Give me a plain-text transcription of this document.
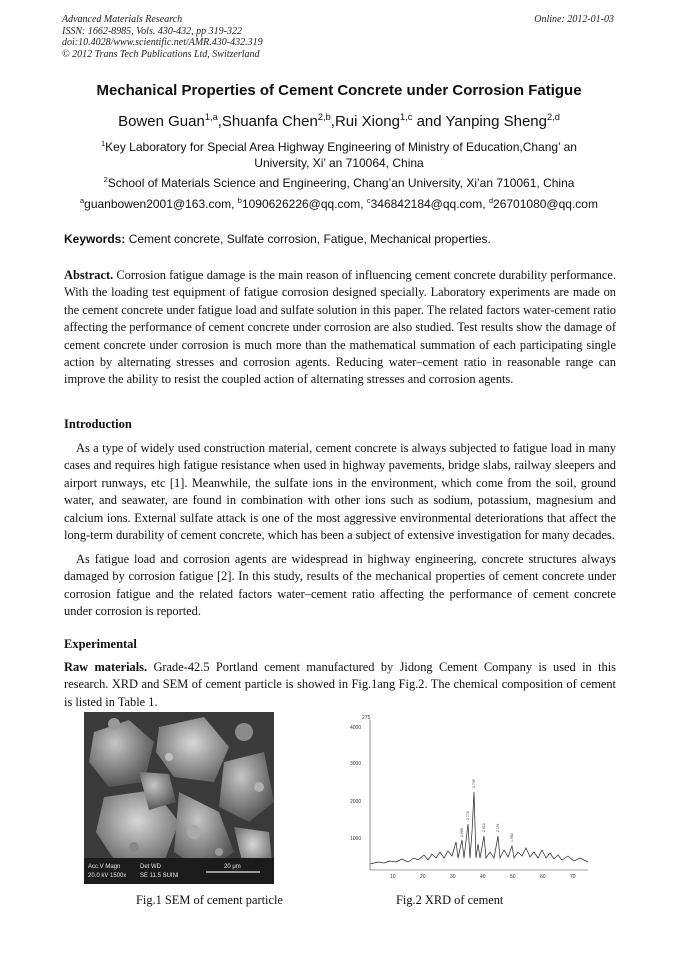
Advanced Materials Research
ISSN: 1662-8985, Vols. 430-432, pp 319-322
doi:10.4028/www.scientific.net/AMR.430-432.319
© 2012 Trans Tech Publications Ltd, Switzerland
Online: 2012-01-03
Mechanical Properties of Cement Concrete under Corrosion Fatigue
Bowen Guan$^{1,a}$,Shuanfa Chen$^{2,b}$,Rui Xiong$^{1,c}$ and Yanping Sheng$^{2,d}$
$^1$Key Laboratory for Special Area Highway Engineering of Ministry of Education,Chang’ an
University, Xi’ an 710064, China
$^2$School of Materials Science and Engineering, Chang’an University, Xi’an 710061, China
$^a$guanbowen2001@163.com, $^b$1090626226@qq.com, $^c$346842184@qq.com, $^d$26701080@qq.com
Keywords: Cement concrete, Sulfate corrosion, Fatigue, Mechanical properties.
Abstract. Corrosion fatigue damage is the main reason of influencing cement concrete durability performance. With the loading test equipment of fatigue corrosion designed specially. Laboratory experiments are made on the cement concrete under fatigue load and sulfate solution in this paper. The related factors water-cement ratio affecting the performance of cement concrete under corrosion are also studied. Test results show the damage of cement concrete under corrosion is much more than the mathematical summation of each participating single action by alternating stresses and corrosion agents. Reducing water–cement ratio in reasonable range can improve the ability to resist the coupled action of alternating stresses and corrosion agents.
Introduction
As a type of widely used construction material, cement concrete is always subjected to fatigue load in many cases and requires high fatigue resistance when used in highway pavements, bridge slabs, railway sleepers and airport runways, etc [1]. Meanwhile, the sulfate ions in the environment, which come from the soil, ground water, and seawater, are found in combination with other ions such as sodium, potassium, magnesium and calcium ions. External sulfate attack is one of the most aggressive environmental deteriorations that affect the long-term durability of cement concrete, which has been a subject of extensive investigation for many decades.
As fatigue load and corrosion agents are widespread in highway engineering, concrete structures always damaged by corrosion fatigue [2]. In this study, results of the mechanical properties of cement concrete under corrosion fatigue and the related factors water–cement ratio affecting the performance of cement concrete under corrosion is reported.
Experimental
Raw materials. Grade-42.5 Portland cement manufactured by Jidong Cement Company is used in this research. XRD and SEM of cement particle is showed in Fig.1ang Fig.2. The chemical composition of cement is listed in Table 1.
Acc.V Magn
20.0 kV 1500x
Det WD
SE 11.5 SUINI
20 μm
275
4000
3000
2000
1000
10	20	30	40	50	60	70
2.968
2.778
2.749
2.610	2.191
1.982
Fig.1 SEM of cement particle	Fig.2 XRD of cement
